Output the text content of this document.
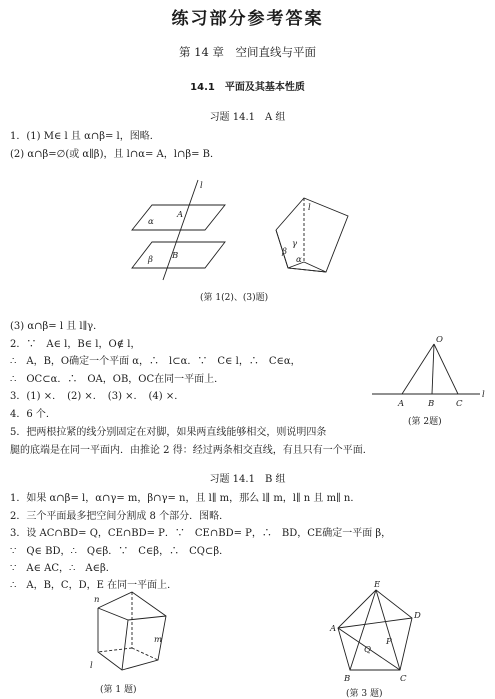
练习部分参考答案
第 14 章　空间直线与平面
14.1　平面及其基本性质
习题 14.1　A 组
1．(1) M∈ l 且 α∩β= l，图略．
(2) α∩β=∅(或 α∥β)，且 l∩α= A，l∩β= B．
l
α
β
A
B
l
γ
β
α
(第 1(2)、(3)题)
(3) α∩β= l 且 l∥γ．
2．∵　A∈ l，B∈ l，O∉ l，
∴　A，B，O确定一个平面 α，∴　l⊂α．∵　C∈ l，∴　C∈α，
∴　OC⊂α．∴　OA，OB，OC在同一平面上．
3．(1) ×．　(2) ×．　(3) ×．　(4) ×．
4．6 个．
5．把两根拉紧的线分别固定在对脚，如果两直线能够相交，则说明四条
腿的底端是在同一平面内．由推论 2 得：经过两条相交直线，有且只有一个平面．
O
A	B	C
l
(第 2题)
习题 14.1　B 组
1．如果 α∩β= l，α∩γ= m，β∩γ= n，且 l∥ m，那么 l∥ m，l∥ n 且 m∥ n．
2．三个平面最多把空间分割成 8 个部分．图略．
3．设 AC∩BD= Q，CE∩BD= P．∵　CE∩BD= P，∴　BD，CE确定一平面 β，
∵　Q∈ BD，∴　Q∈β．∵　C∈β，∴　CQ⊂β．
∵　A∈ AC，∴　A∈β．
∴　A，B，C，D，E 在同一平面上．
n
m
l
(第 1 题)
E
D
C
B
A
Q
P
(第 3 题)
